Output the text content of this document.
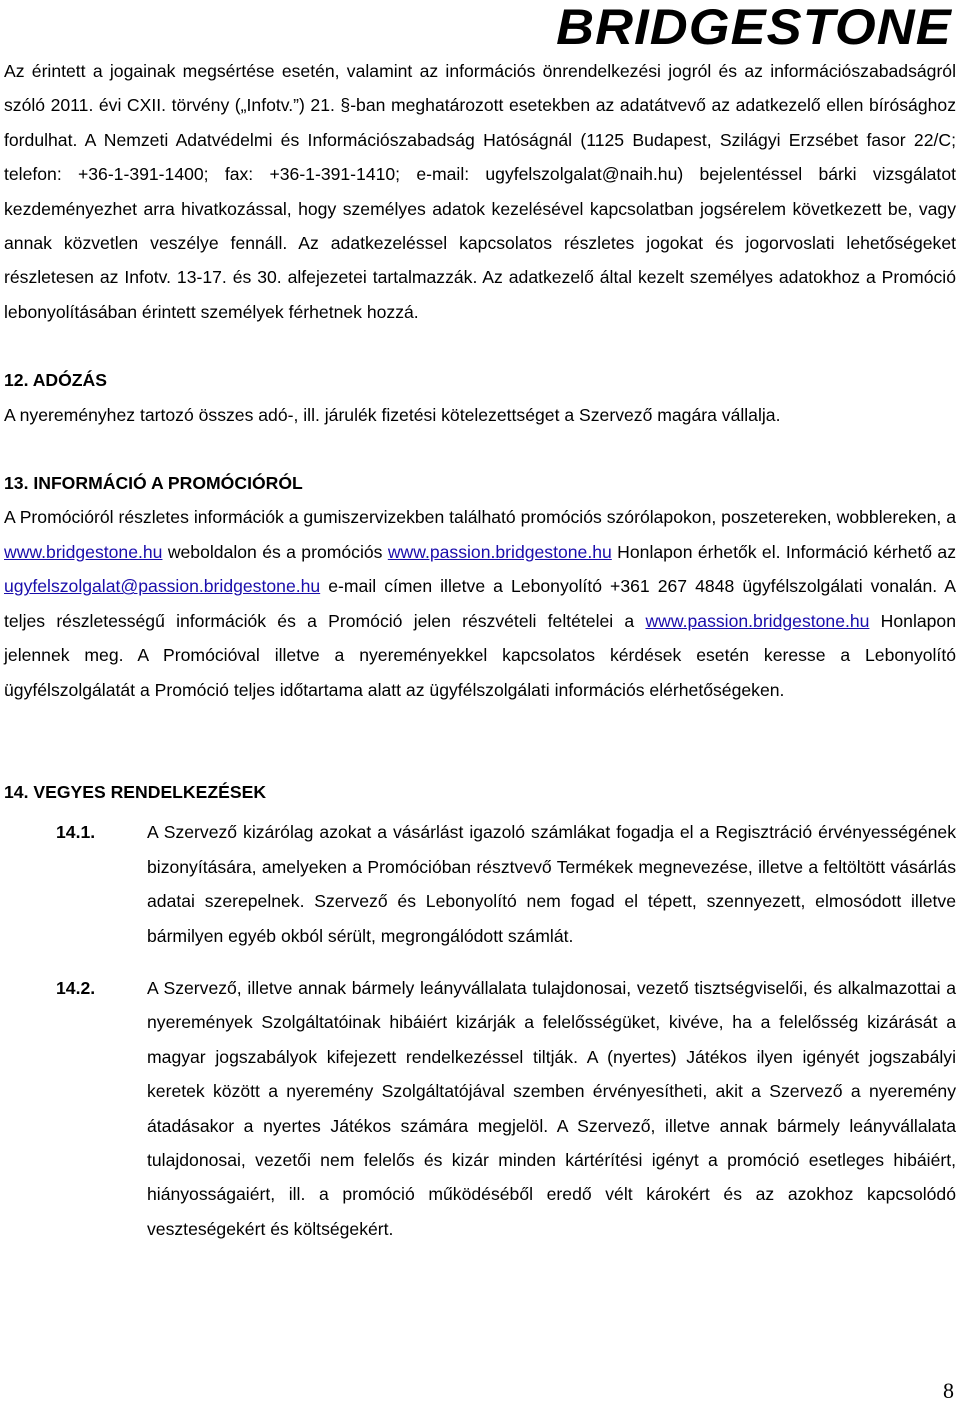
BRIDGESTONE

Az érintett a jogainak megsértése esetén, valamint az információs önrendelkezési jogról és az információszabadságról szóló 2011. évi CXII. törvény („Infotv.”) 21. §-ban meghatározott esetekben az adatátvevő az adatkezelő ellen bírósághoz fordulhat. A Nemzeti Adatvédelmi és Információszabadság Hatóságnál (1125 Budapest, Szilágyi Erzsébet fasor 22/C; telefon: +36-1-391-1400; fax: +36-1-391-1410; e-mail: ugyfelszolgalat@naih.hu) bejelentéssel bárki vizsgálatot kezdeményezhet arra hivatkozással, hogy személyes adatok kezelésével kapcsolatban jogsérelem következett be, vagy annak közvetlen veszélye fennáll. Az adatkezeléssel kapcsolatos részletes jogokat és jogorvoslati lehetőségeket részletesen az Infotv. 13-17. és 30. alfejezetei tartalmazzák. Az adatkezelő által kezelt személyes adatokhoz a Promóció lebonyolításában érintett személyek férhetnek hozzá.

12. ADÓZÁS

A nyereményhez tartozó összes adó-, ill. járulék fizetési kötelezettséget a Szervező magára vállalja.

13. INFORMÁCIÓ A PROMÓCIÓRÓL

A Promócióról részletes információk a gumiszervizekben található promóciós szórólapokon, poszetereken, wobblereken, a www.bridgestone.hu weboldalon és a promóciós www.passion.bridgestone.hu Honlapon érhetők el. Információ kérhető az ugyfelszolgalat@passion.bridgestone.hu e-mail címen illetve a Lebonyolító +361 267 4848 ügyfélszolgálati vonalán. A teljes részletességű információk és a Promóció jelen részvételi feltételei a www.passion.bridgestone.hu Honlapon jelennek meg. A Promócióval illetve a nyereményekkel kapcsolatos kérdések esetén keresse a Lebonyolító ügyfélszolgálatát a Promóció teljes időtartama alatt az ügyfélszolgálati információs elérhetőségeken.

14. VEGYES RENDELKEZÉSEK

14.1.	A Szervező kizárólag azokat a vásárlást igazoló számlákat fogadja el a Regisztráció érvényességének bizonyítására, amelyeken a Promócióban résztvevő Termékek megnevezése, illetve a feltöltött vásárlás adatai szerepelnek. Szervező és Lebonyolító nem fogad el tépett, szennyezett, elmosódott illetve bármilyen egyéb okból sérült, megrongálódott számlát.

14.2.	A Szervező, illetve annak bármely leányvállalata tulajdonosai, vezető tisztségviselői, és alkalmazottai a nyeremények Szolgáltatóinak hibáiért kizárják a felelősségüket, kivéve, ha a felelősség kizárását a magyar jogszabályok kifejezett rendelkezéssel tiltják. A (nyertes) Játékos ilyen igényét jogszabályi keretek között a nyeremény Szolgáltatójával szemben érvényesítheti, akit a Szervező a nyeremény átadásakor a nyertes Játékos számára megjelöl. A Szervező, illetve annak bármely leányvállalata tulajdonosai, vezetői nem felelős és kizár minden kártérítési igényt a promóció esetleges hibáiért, hiányosságaiért, ill. a promóció működéséből eredő vélt károkért és az azokhoz kapcsolódó veszteségekért és költségekért.

8
